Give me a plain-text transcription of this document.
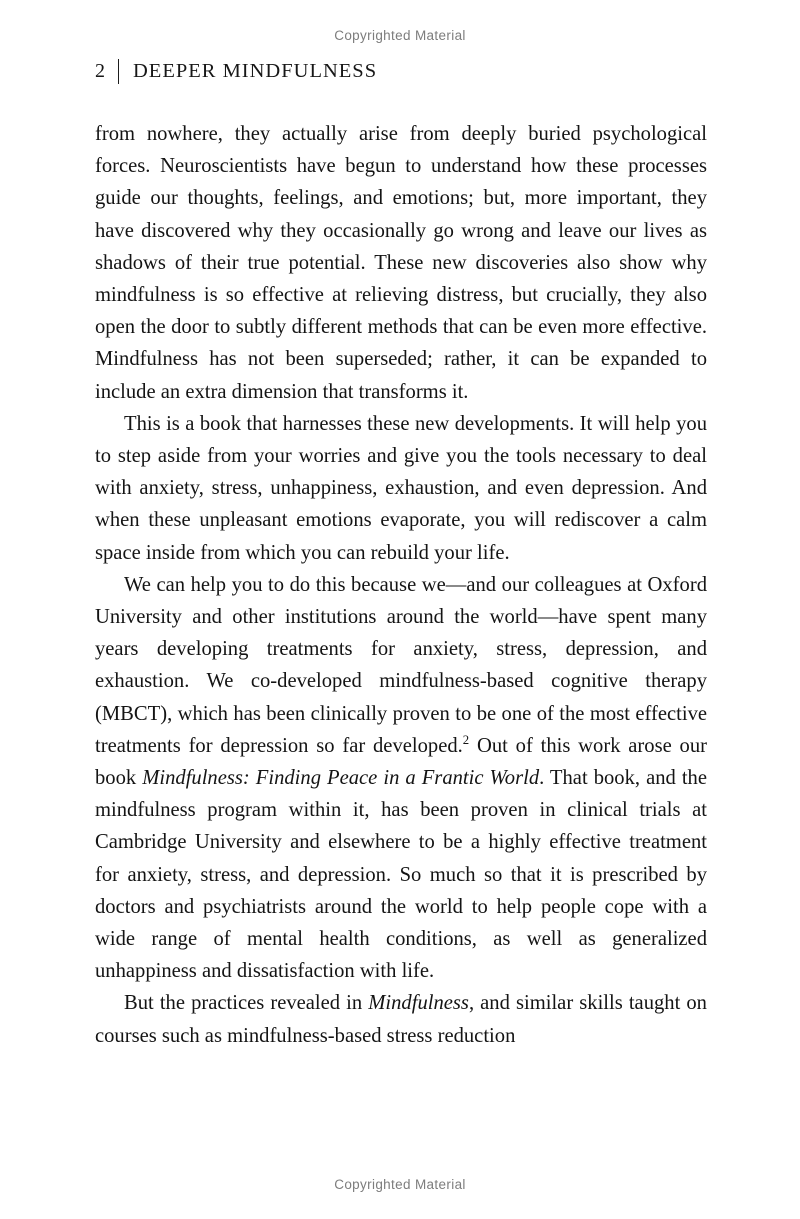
Copyrighted Material
2	DEEPER MINDFULNESS

from nowhere, they actually arise from deeply buried psychological forces. Neuroscientists have begun to understand how these processes guide our thoughts, feelings, and emotions; but, more important, they have discovered why they occasionally go wrong and leave our lives as shadows of their true potential. These new discoveries also show why mindfulness is so effective at relieving distress, but crucially, they also open the door to subtly different methods that can be even more effective. Mindfulness has not been superseded; rather, it can be expanded to include an extra dimension that transforms it.

This is a book that harnesses these new developments. It will help you to step aside from your worries and give you the tools necessary to deal with anxiety, stress, unhappiness, exhaustion, and even depression. And when these unpleasant emotions evaporate, you will rediscover a calm space inside from which you can rebuild your life.

We can help you to do this because we—and our colleagues at Oxford University and other institutions around the world—have spent many years developing treatments for anxiety, stress, depression, and exhaustion. We co-developed mindfulness-based cognitive therapy (MBCT), which has been clinically proven to be one of the most effective treatments for depression so far developed.$^2$ Out of this work arose our book Mindfulness: Finding Peace in a Frantic World. That book, and the mindfulness program within it, has been proven in clinical trials at Cambridge University and elsewhere to be a highly effective treatment for anxiety, stress, and depression. So much so that it is prescribed by doctors and psychiatrists around the world to help people cope with a wide range of mental health conditions, as well as generalized unhappiness and dissatisfaction with life.

But the practices revealed in Mindfulness, and similar skills taught on courses such as mindfulness-based stress reduction

Copyrighted Material
